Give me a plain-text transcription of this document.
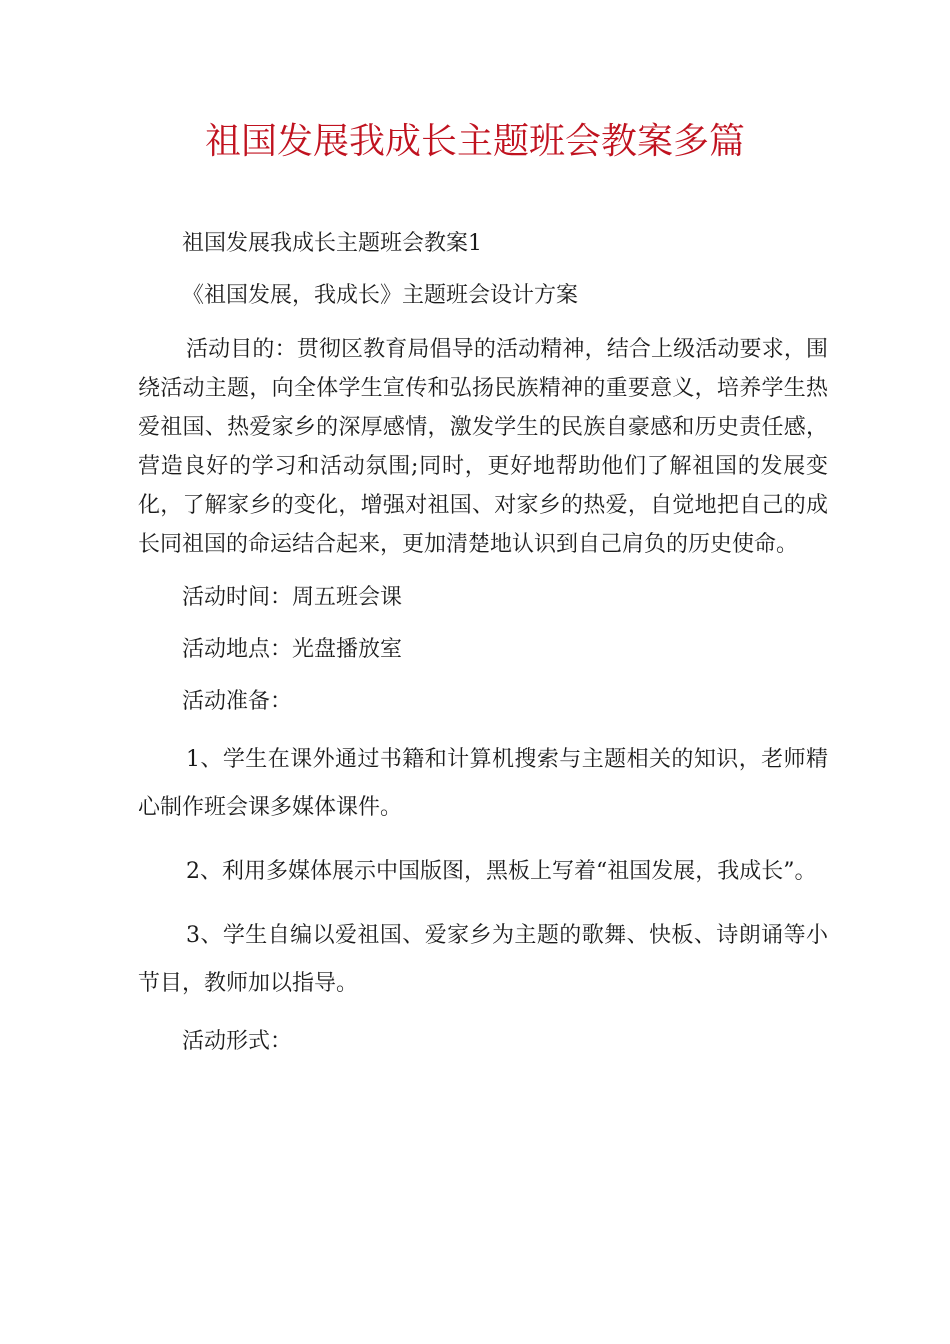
祖国发展我成长主题班会教案多篇

祖国发展我成长主题班会教案1

《祖国发展，我成长》主题班会设计方案

活动目的：贯彻区教育局倡导的活动精神，结合上级活动要求，围绕活动主题，向全体学生宣传和弘扬民族精神的重要意义，培养学生热爱祖国、热爱家乡的深厚感情，激发学生的民族自豪感和历史责任感，营造良好的学习和活动氛围;同时，更好地帮助他们了解祖国的发展变化，了解家乡的变化，增强对祖国、对家乡的热爱，自觉地把自己的成长同祖国的命运结合起来，更加清楚地认识到自己肩负的历史使命。

活动时间：周五班会课

活动地点：光盘播放室

活动准备：

1、学生在课外通过书籍和计算机搜索与主题相关的知识，老师精心制作班会课多媒体课件。

2、利用多媒体展示中国版图，黑板上写着“祖国发展，我成长”。

3、学生自编以爱祖国、爱家乡为主题的歌舞、快板、诗朗诵等小节目，教师加以指导。

活动形式：
